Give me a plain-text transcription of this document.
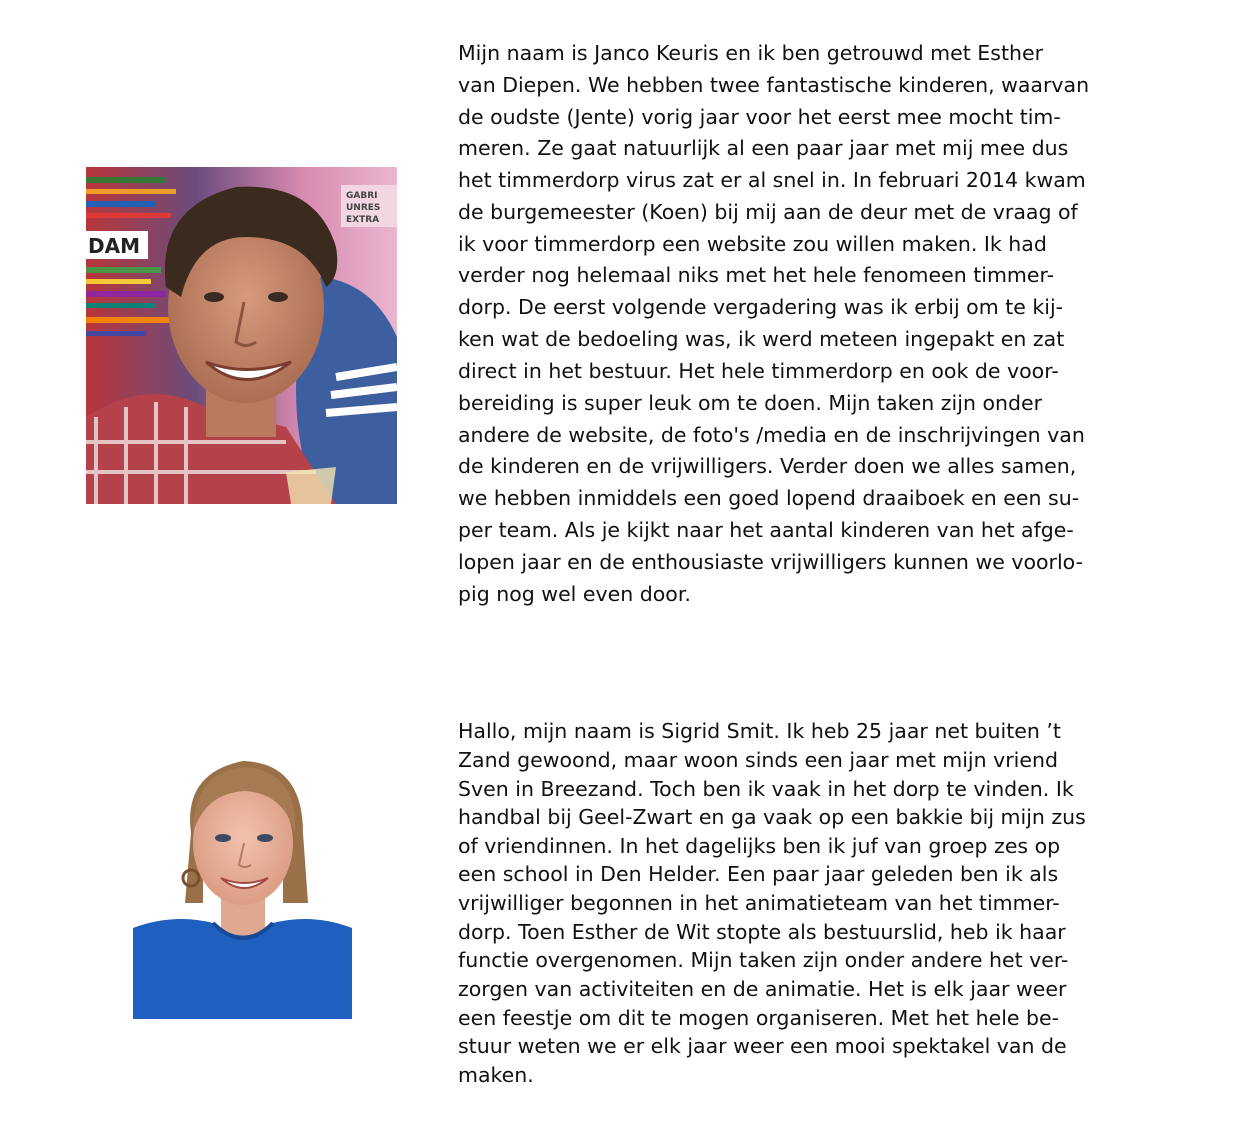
DAM
GABRI
UNRES
EXTRA

Mijn naam is Janco Keuris en ik ben getrouwd met Esther

van Diepen. We hebben twee fantastische kinderen, waarvan

de oudste (Jente) vorig jaar voor het eerst mee mocht tim-

meren. Ze gaat natuurlijk al een paar jaar met mij mee dus

het timmerdorp virus zat er al snel in. In februari 2014 kwam

de burgemeester (Koen) bij mij aan de deur met de vraag of

ik voor timmerdorp een website zou willen maken. Ik had

verder nog helemaal niks met het hele fenomeen timmer-

dorp. De eerst volgende vergadering was ik erbij om te kij-

ken wat de bedoeling was, ik werd meteen ingepakt en zat

direct in het bestuur. Het hele timmerdorp en ook de voor-

bereiding is super leuk om te doen. Mijn taken zijn onder

andere de website, de foto's /media en de inschrijvingen van

de kinderen en de vrijwilligers. Verder doen we alles samen,

we hebben inmiddels een goed lopend draaiboek en een su-

per team. Als je kijkt naar het aantal kinderen van het afge-

lopen jaar en de enthousiaste vrijwilligers kunnen we voorlo-

pig nog wel even door.

Hallo, mijn naam is Sigrid Smit. Ik heb 25 jaar net buiten ’t

Zand gewoond, maar woon sinds een jaar met mijn vriend

Sven in Breezand. Toch ben ik vaak in het dorp te vinden. Ik

handbal bij Geel-Zwart en ga vaak op een bakkie bij mijn zus

of vriendinnen. In het dagelijks ben ik juf van groep zes op

een school in Den Helder. Een paar jaar geleden ben ik als

vrijwilliger begonnen in het animatieteam van het timmer-

dorp. Toen Esther de Wit stopte als bestuurslid, heb ik haar

functie overgenomen. Mijn taken zijn onder andere het ver-

zorgen van activiteiten en de animatie. Het is elk jaar weer

een feestje om dit te mogen organiseren. Met het hele be-

stuur weten we er elk jaar weer een mooi spektakel van de

maken.
